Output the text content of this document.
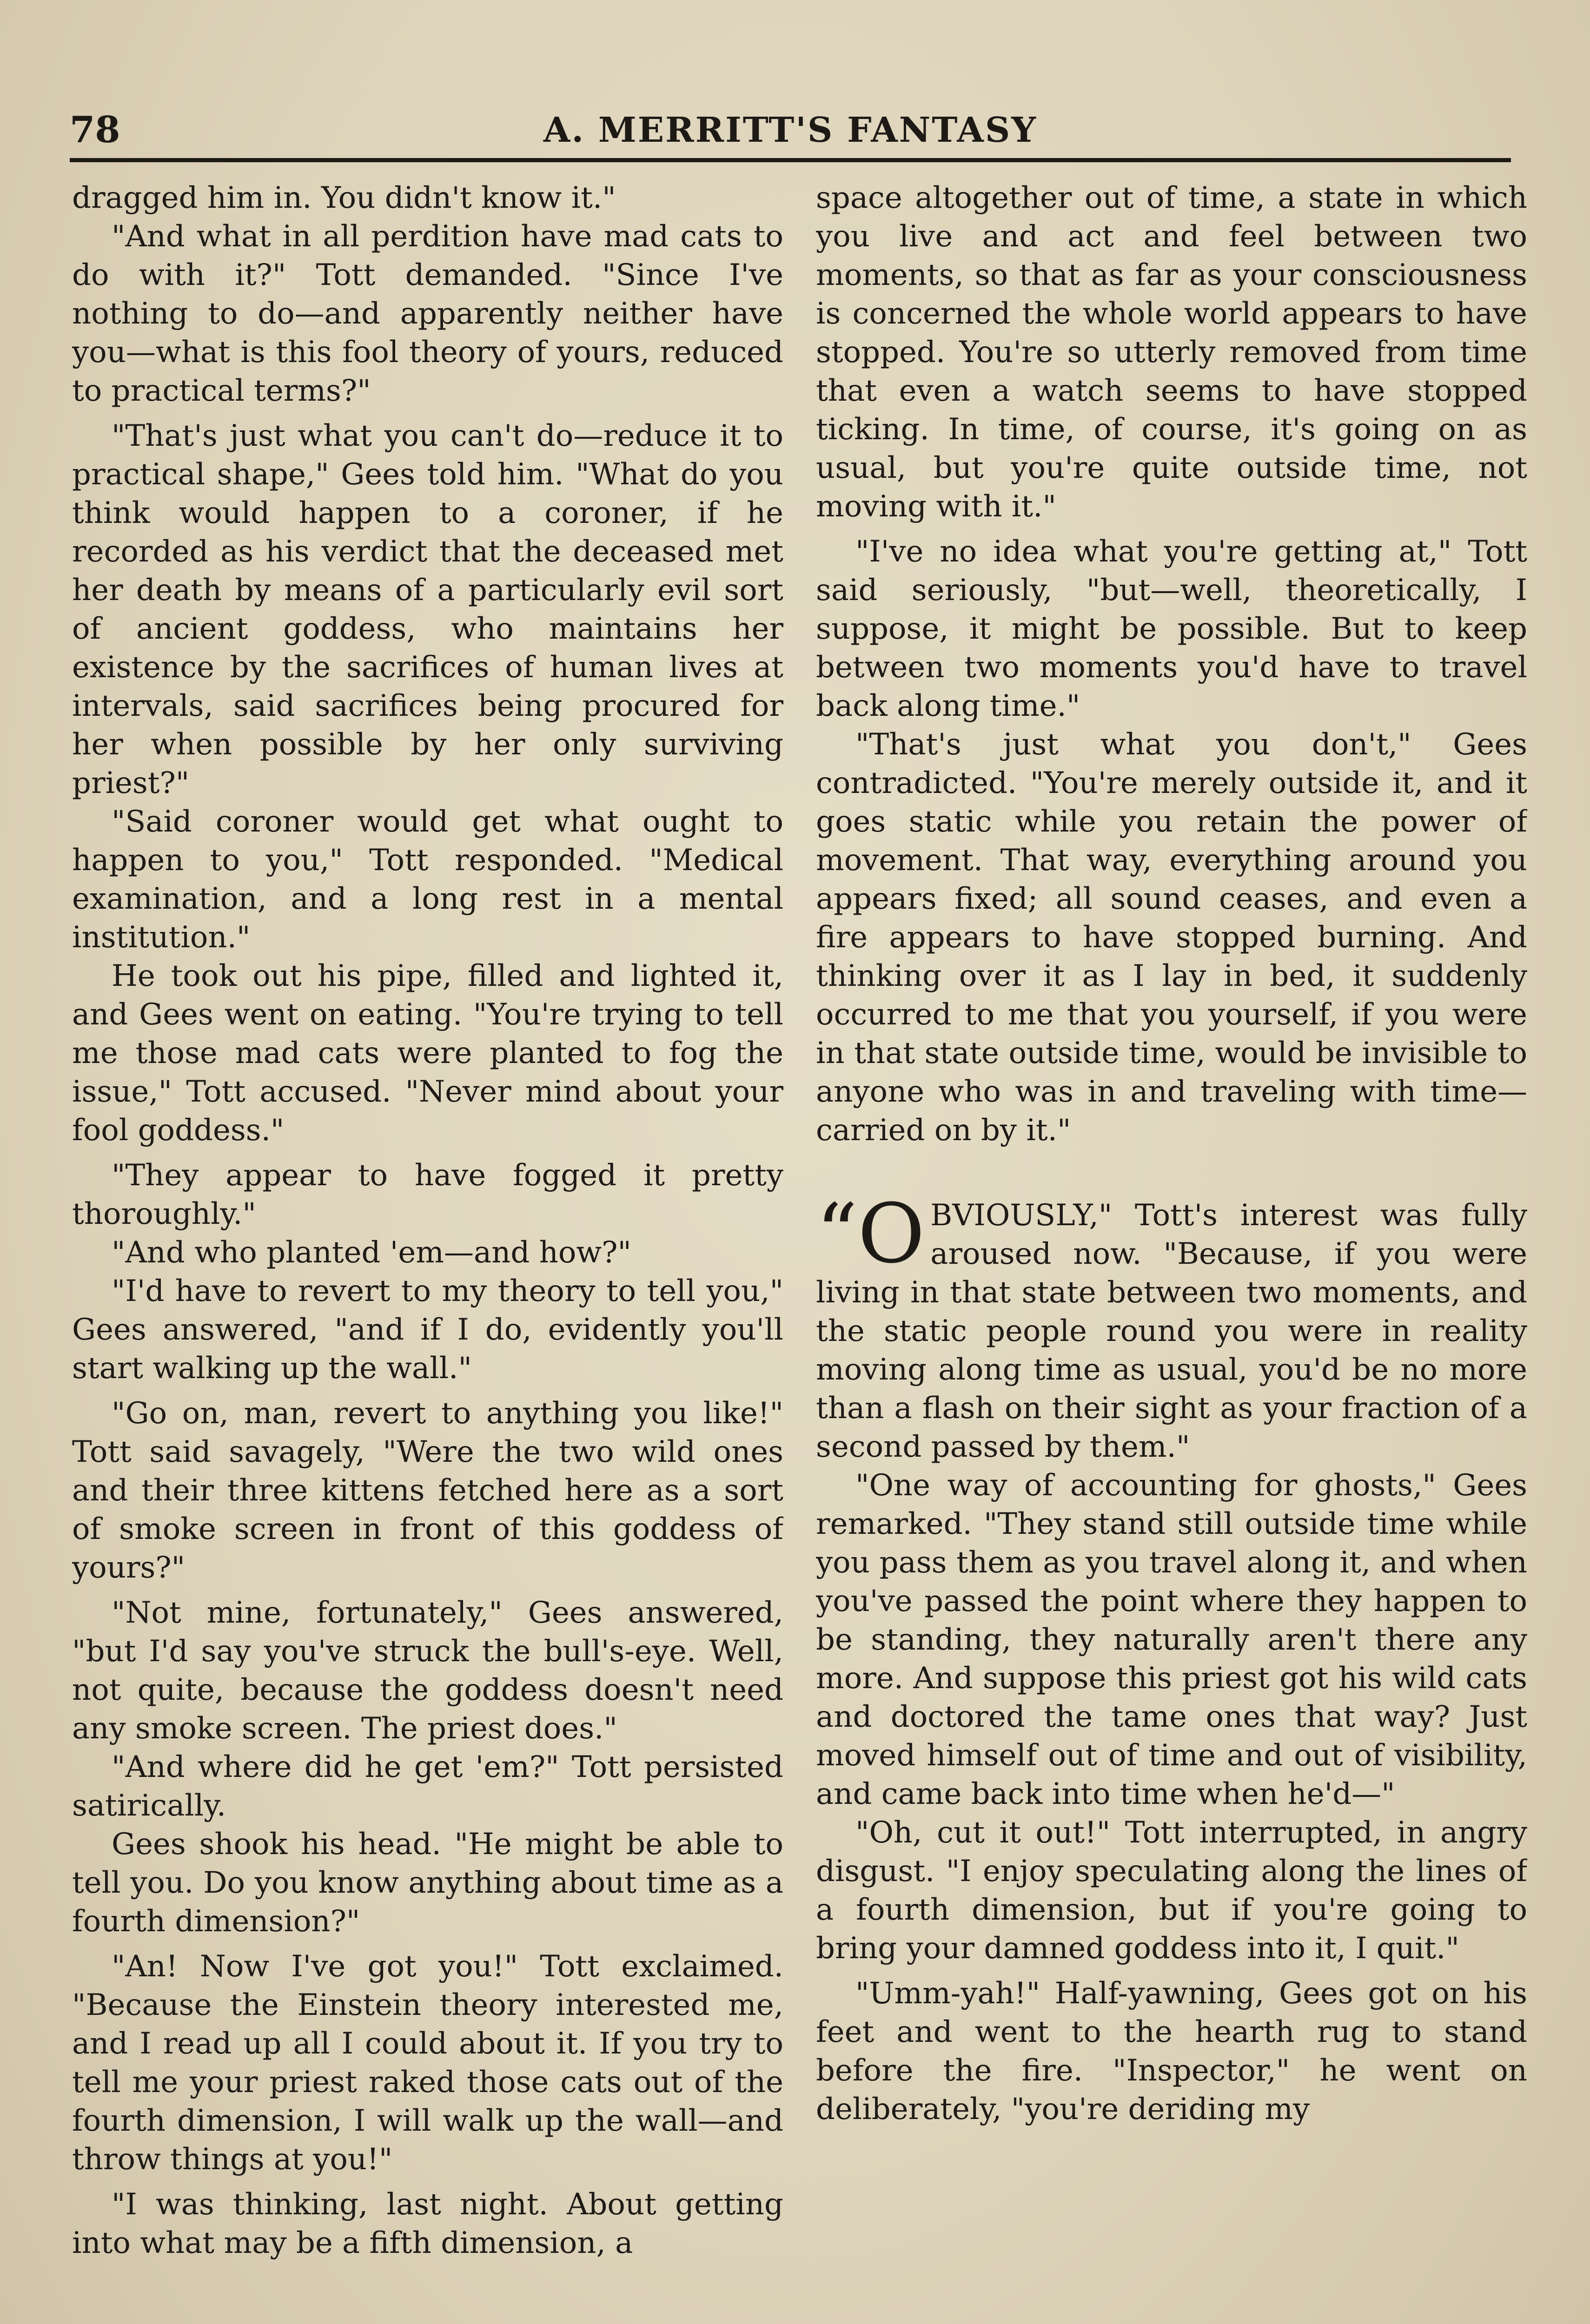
78	A. MERRITT'S FANTASY

dragged him in. You didn't know it."

"And what in all perdition have mad cats to do with it?" Tott demanded. "Since I've nothing to do—and apparently neither have you—what is this fool theory of yours, reduced to practical terms?"

"That's just what you can't do—reduce it to practical shape," Gees told him. "What do you think would happen to a coroner, if he recorded as his verdict that the deceased met her death by means of a particularly evil sort of ancient goddess, who maintains her existence by the sacrifices of human lives at intervals, said sacrifices being procured for her when possible by her only surviving priest?"

"Said coroner would get what ought to happen to you," Tott responded. "Medical examination, and a long rest in a mental institution."

He took out his pipe, filled and lighted it, and Gees went on eating. "You're trying to tell me those mad cats were planted to fog the issue," Tott accused. "Never mind about your fool goddess."

"They appear to have fogged it pretty thoroughly."

"And who planted 'em—and how?"

"I'd have to revert to my theory to tell you," Gees answered, "and if I do, evidently you'll start walking up the wall."

"Go on, man, revert to anything you like!" Tott said savagely, "Were the two wild ones and their three kittens fetched here as a sort of smoke screen in front of this goddess of yours?"

"Not mine, fortunately," Gees answered, "but I'd say you've struck the bull's-eye. Well, not quite, because the goddess doesn't need any smoke screen. The priest does."

"And where did he get 'em?" Tott persisted satirically.

Gees shook his head. "He might be able to tell you. Do you know anything about time as a fourth dimension?"

"An! Now I've got you!" Tott exclaimed. "Because the Einstein theory interested me, and I read up all I could about it. If you try to tell me your priest raked those cats out of the fourth dimension, I will walk up the wall—and throw things at you!"

"I was thinking, last night. About getting into what may be a fifth dimension, a

space altogether out of time, a state in which you live and act and feel between two moments, so that as far as your consciousness is concerned the whole world appears to have stopped. You're so utterly removed from time that even a watch seems to have stopped ticking. In time, of course, it's going on as usual, but you're quite outside time, not moving with it."

"I've no idea what you're getting at," Tott said seriously, "but—well, theoretically, I suppose, it might be possible. But to keep between two moments you'd have to travel back along time."

"That's just what you don't," Gees contradicted. "You're merely outside it, and it goes static while you retain the power of movement. That way, everything around you appears fixed; all sound ceases, and even a fire appears to have stopped burning. And thinking over it as I lay in bed, it suddenly occurred to me that you yourself, if you were in that state outside time, would be invisible to anyone who was in and traveling with time—carried on by it."

“O BVIOUSLY," Tott's interest was fully aroused now. "Because, if you were living in that state between two moments, and the static people round you were in reality moving along time as usual, you'd be no more than a flash on their sight as your fraction of a second passed by them."

"One way of accounting for ghosts," Gees remarked. "They stand still outside time while you pass them as you travel along it, and when you've passed the point where they happen to be standing, they naturally aren't there any more. And suppose this priest got his wild cats and doctored the tame ones that way? Just moved himself out of time and out of visibility, and came back into time when he'd—"

"Oh, cut it out!" Tott interrupted, in angry disgust. "I enjoy speculating along the lines of a fourth dimension, but if you're going to bring your damned goddess into it, I quit."

"Umm-yah!" Half-yawning, Gees got on his feet and went to the hearth rug to stand before the fire. "Inspector," he went on deliberately, "you're deriding my
